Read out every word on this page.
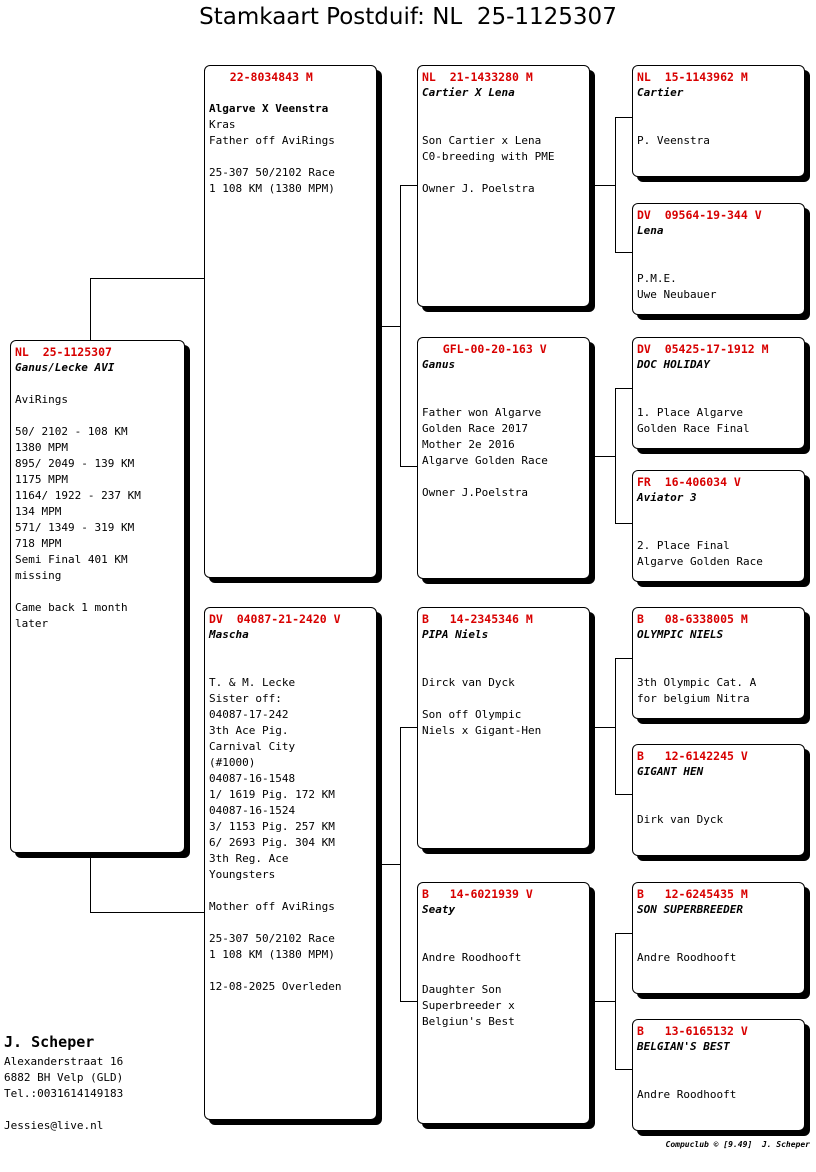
Stamkaart Postduif: NL  25-1125307
NL  25-1125307
Ganus/Lecke AVI

AviRings

50/ 2102 - 108 KM
1380 MPM
895/ 2049 - 139 KM
1175 MPM
1164/ 1922 - 237 KM
134 MPM
571/ 1349 - 319 KM
718 MPM
Semi Final 401 KM
missing

Came back 1 month
later
22-8034843 M
Algarve X Veenstra
Kras
Father off AviRings

25-307 50/2102 Race
1 108 KM (1380 MPM)
DV  04087-21-2420 V
Mascha

T. & M. Lecke
Sister off:
04087-17-242
3th Ace Pig.
Carnival City
(#1000)
04087-16-1548
1/ 1619 Pig. 172 KM
04087-16-1524
3/ 1153 Pig. 257 KM
6/ 2693 Pig. 304 KM
3th Reg. Ace
Youngsters

Mother off AviRings

25-307 50/2102 Race
1 108 KM (1380 MPM)

12-08-2025 Overleden
NL  21-1433280 M
Cartier X Lena

Son Cartier x Lena
C0-breeding with PME

Owner J. Poelstra
GFL-00-20-163 V
Ganus

Father won Algarve
Golden Race 2017
Mother 2e 2016
Algarve Golden Race

Owner J.Poelstra
B   14-2345346 M
PIPA Niels

Dirck van Dyck

Son off Olympic
Niels x Gigant-Hen
B   14-6021939 V
Seaty

Andre Roodhooft

Daughter Son
Superbreeder x
Belgiun's Best
NL  15-1143962 M
Cartier

P. Veenstra
DV  09564-19-344 V
Lena

P.M.E.
Uwe Neubauer
DV  05425-17-1912 M
DOC HOLIDAY

1. Place Algarve
Golden Race Final
FR  16-406034 V
Aviator 3

2. Place Final
Algarve Golden Race
B   08-6338005 M
OLYMPIC NIELS

3th Olympic Cat. A
for belgium Nitra
B   12-6142245 V
GIGANT HEN

Dirk van Dyck
B   12-6245435 M
SON SUPERBREEDER

Andre Roodhooft
B   13-6165132 V
BELGIAN'S BEST

Andre Roodhooft
J. Scheper
Alexanderstraat 16
6882 BH Velp (GLD)
Tel.:0031614149183
Jessies@live.nl
Compuclub © [9.49]  J. Scheper
